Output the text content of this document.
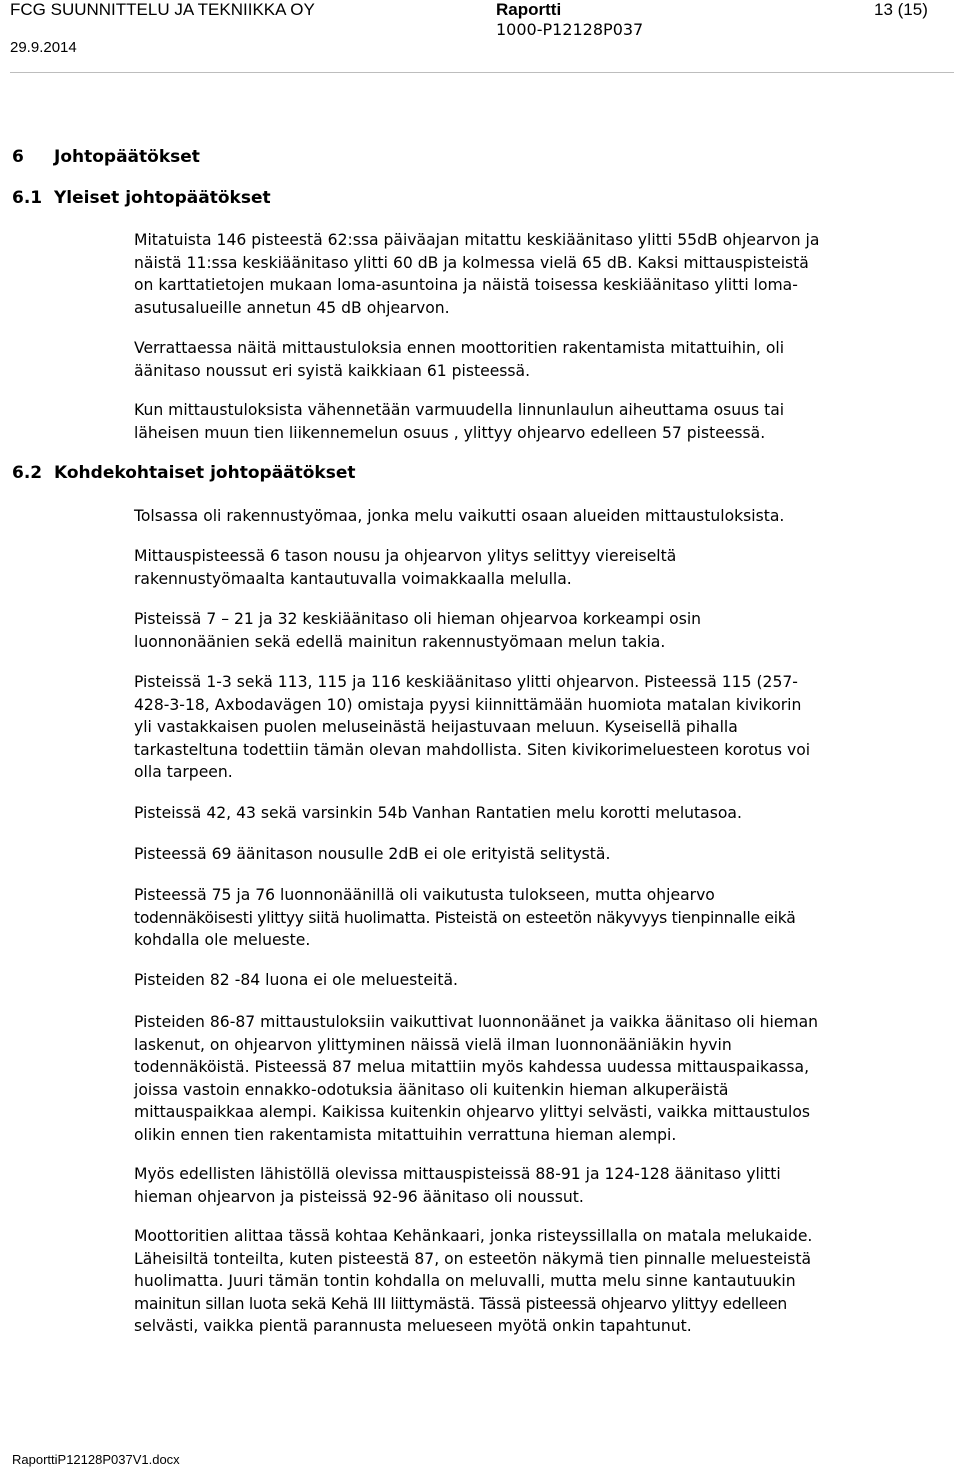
FCG SUUNNITTELU JA TEKNIIKKA OY
29.9.2014
Raportti
1000-P12128P037
13 (15)
6 Johtopäätökset
6.1 Yleiset johtopäätökset
Mitatuista 146 pisteestä 62:ssa päiväajan mitattu keskiäänitaso ylitti 55dB ohjearvon ja
näistä 11:ssa keskiäänitaso ylitti 60 dB ja kolmessa vielä 65 dB. Kaksi mittauspisteistä
on karttatietojen mukaan loma-asuntoina ja näistä toisessa keskiäänitaso ylitti loma-
asutusalueille annetun 45 dB ohjearvon.
Verrattaessa näitä mittaustuloksia ennen moottoritien rakentamista mitattuihin, oli
äänitaso noussut eri syistä kaikkiaan 61 pisteessä.
Kun mittaustuloksista vähennetään varmuudella linnunlaulun aiheuttama osuus tai
läheisen muun tien liikennemelun osuus , ylittyy ohjearvo edelleen 57 pisteessä.
6.2 Kohdekohtaiset johtopäätökset
Tolsassa oli rakennustyömaa, jonka melu vaikutti osaan alueiden mittaustuloksista.
Mittauspisteessä 6 tason nousu ja ohjearvon ylitys selittyy viereiseltä
rakennustyömaalta kantautuvalla voimakkaalla melulla.
Pisteissä 7 – 21 ja 32 keskiäänitaso oli hieman ohjearvoa korkeampi osin
luonnonäänien sekä edellä mainitun rakennustyömaan melun takia.
Pisteissä 1-3 sekä 113, 115 ja 116 keskiäänitaso ylitti ohjearvon. Pisteessä 115 (257-
428-3-18, Axbodavägen 10) omistaja pyysi kiinnittämään huomiota matalan kivikorin
yli vastakkaisen puolen meluseinästä heijastuvaan meluun. Kyseisellä pihalla
tarkasteltuna todettiin tämän olevan mahdollista. Siten kivikorimeluesteen korotus voi
olla tarpeen.
Pisteissä 42, 43 sekä varsinkin 54b Vanhan Rantatien melu korotti melutasoa.
Pisteessä 69 äänitason nousulle 2dB ei ole erityistä selitystä.
Pisteessä 75 ja 76 luonnonäänillä oli vaikutusta tulokseen, mutta ohjearvo
todennäköisesti ylittyy siitä huolimatta. Pisteistä on esteetön näkyvyys tienpinnalle eikä
kohdalla ole melueste.
Pisteiden 82 -84 luona ei ole meluesteitä.
Pisteiden 86-87 mittaustuloksiin vaikuttivat luonnonäänet ja vaikka äänitaso oli hieman
laskenut, on ohjearvon ylittyminen näissä vielä ilman luonnonääniäkin hyvin
todennäköistä. Pisteessä 87 melua mitattiin myös kahdessa uudessa mittauspaikassa,
joissa vastoin ennakko-odotuksia äänitaso oli kuitenkin hieman alkuperäistä
mittauspaikkaa alempi. Kaikissa kuitenkin ohjearvo ylittyi selvästi, vaikka mittaustulos
olikin ennen tien rakentamista mitattuihin verrattuna hieman alempi.
Myös edellisten lähistöllä olevissa mittauspisteissä 88-91 ja 124-128 äänitaso ylitti
hieman ohjearvon ja pisteissä 92-96 äänitaso oli noussut.
Moottoritien alittaa tässä kohtaa Kehänkaari, jonka risteyssillalla on matala melukaide.
Läheisiltä tonteilta, kuten pisteestä 87, on esteetön näkymä tien pinnalle meluesteistä
huolimatta. Juuri tämän tontin kohdalla on meluvalli, mutta melu sinne kantautuukin
mainitun sillan luota sekä Kehä III liittymästä. Tässä pisteessä ohjearvo ylittyy edelleen
selvästi, vaikka pientä parannusta melueseen myötä onkin tapahtunut.
RaporttiP12128P037V1.docx
